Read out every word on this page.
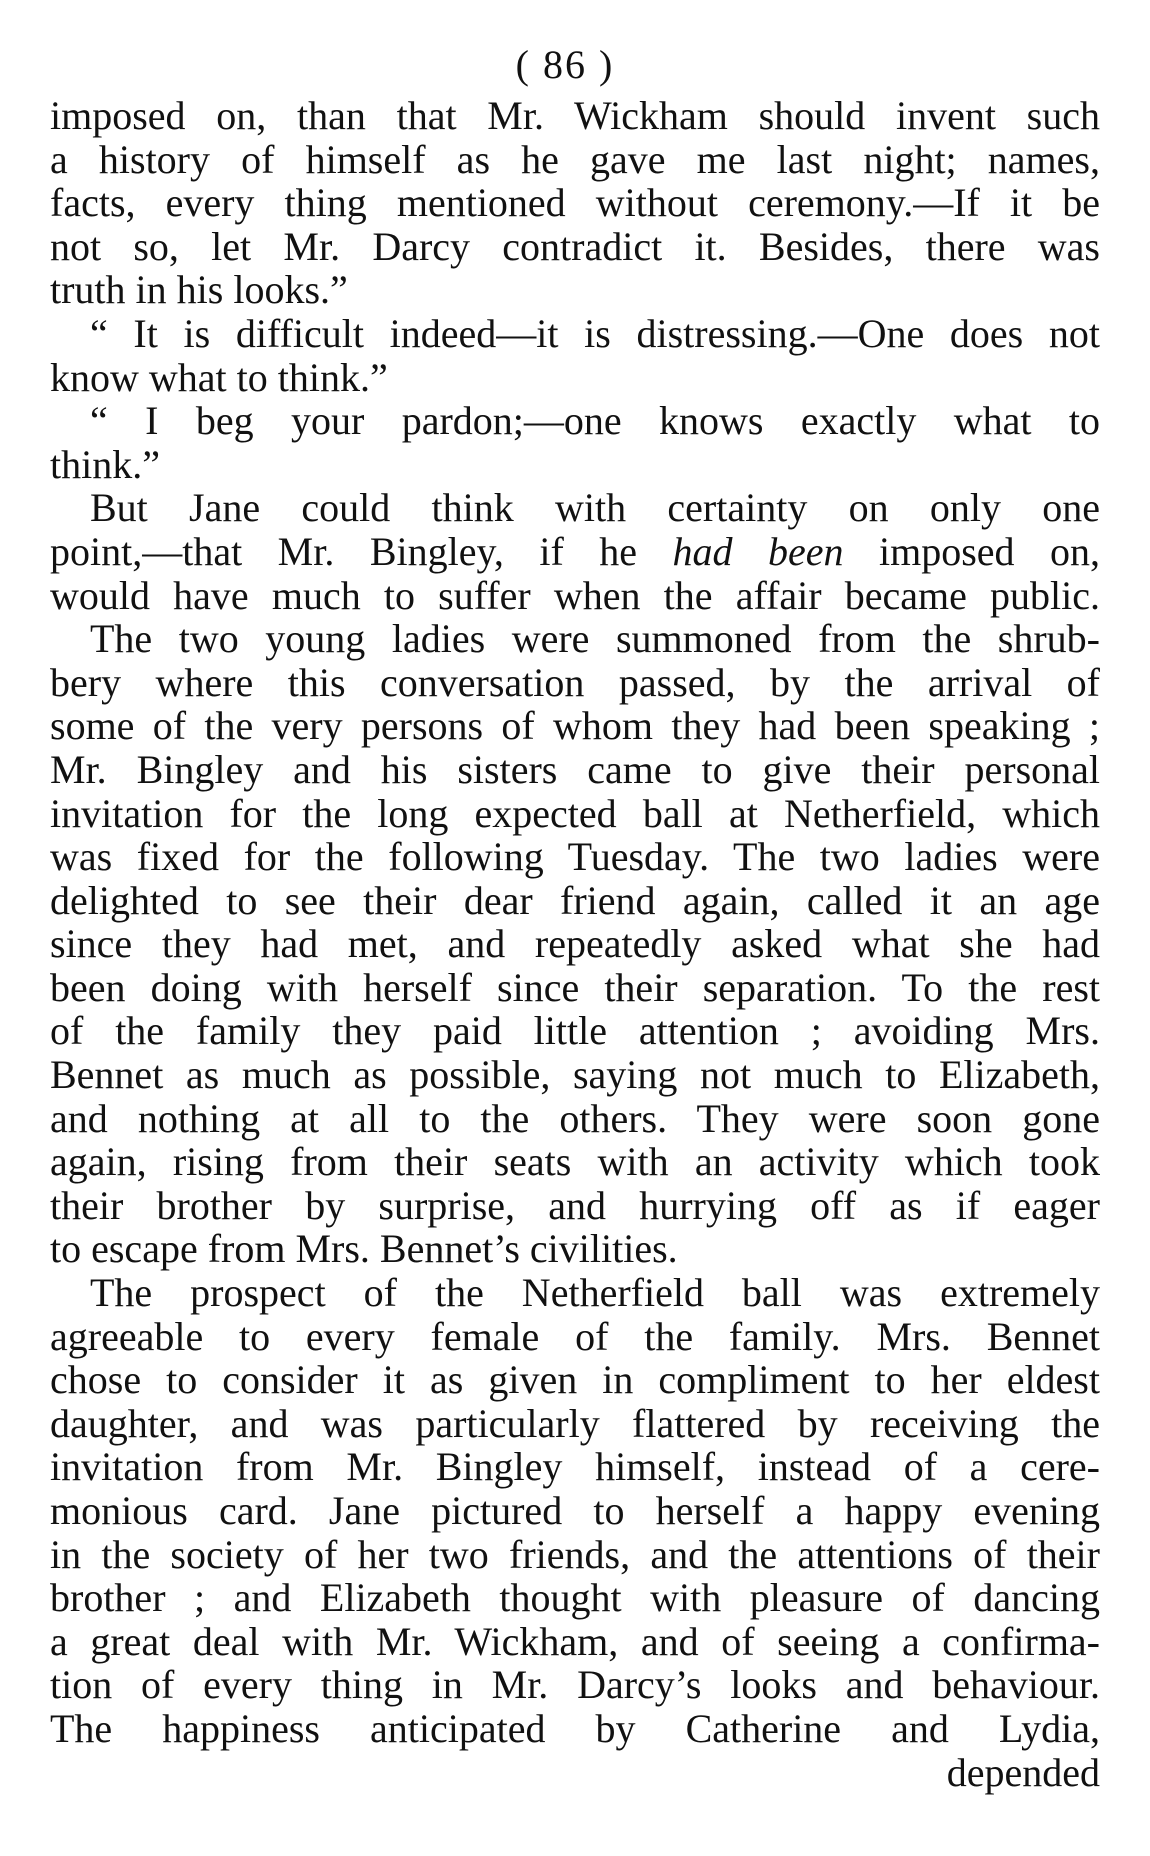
( 86 )
imposed on, than that Mr. Wickham should invent such
a history of himself as he gave me last night; names,
facts, every thing mentioned without ceremony.—If it be
not so, let Mr. Darcy contradict it. Besides, there was
truth in his looks.”
“ It is difficult indeed—it is distressing.—One does not
know what to think.”
“ I beg your pardon;—one knows exactly what to
think.”
But Jane could think with certainty on only one
point,—that Mr. Bingley, if he had been imposed on,
would have much to suffer when the affair became public.
The two young ladies were summoned from the shrub-
bery where this conversation passed, by the arrival of
some of the very persons of whom they had been speaking ;
Mr. Bingley and his sisters came to give their personal
invitation for the long expected ball at Netherfield, which
was fixed for the following Tuesday. The two ladies were
delighted to see their dear friend again, called it an age
since they had met, and repeatedly asked what she had
been doing with herself since their separation. To the rest
of the family they paid little attention ; avoiding Mrs.
Bennet as much as possible, saying not much to Elizabeth,
and nothing at all to the others. They were soon gone
again, rising from their seats with an activity which took
their brother by surprise, and hurrying off as if eager
to escape from Mrs. Bennet’s civilities.
The prospect of the Netherfield ball was extremely
agreeable to every female of the family. Mrs. Bennet
chose to consider it as given in compliment to her eldest
daughter, and was particularly flattered by receiving the
invitation from Mr. Bingley himself, instead of a cere-
monious card. Jane pictured to herself a happy evening
in the society of her two friends, and the attentions of their
brother ; and Elizabeth thought with pleasure of dancing
a great deal with Mr. Wickham, and of seeing a confirma-
tion of every thing in Mr. Darcy’s looks and behaviour.
The happiness anticipated by Catherine and Lydia,
depended
